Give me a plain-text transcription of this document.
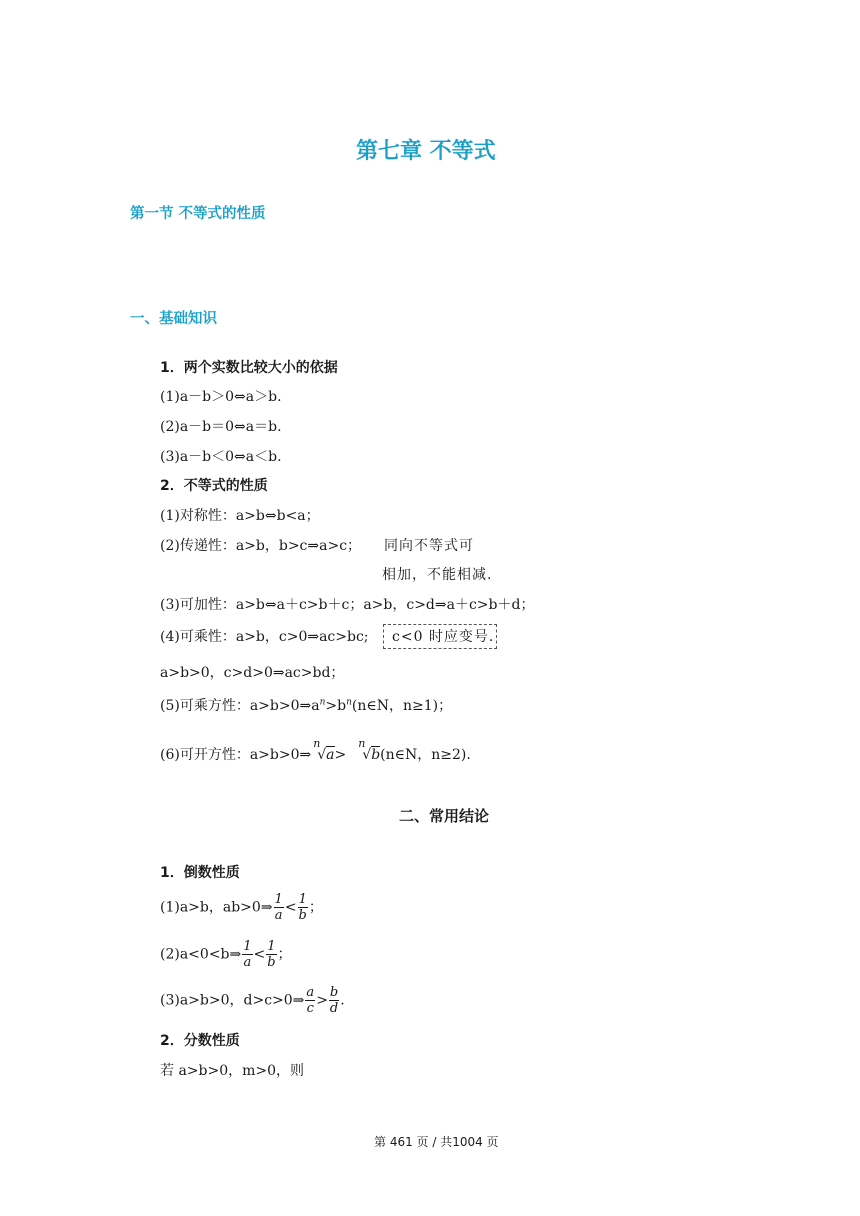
第七章 不等式
第一节 不等式的性质
一、基础知识
1．两个实数比较大小的依据
(1)a－b＞0⇔a＞b.
(2)a－b＝0⇔a＝b.
(3)a－b＜0⇔a＜b.
2．不等式的性质
(1)对称性：a>b⇔b<a；
(2)传递性：a>b，b>c⇒a>c； 同向不等式可
相加，不能相减.
(3)可加性：a>b⇔a＋c>b＋c；a>b，c>d⇒a＋c>b＋d；
(4)可乘性：a>b，c>0⇒ac>bc;	c<0 时应变号.
a>b>0，c>d>0⇒ac>bd；
(5)可乘方性：$a>b>0\Rightarrow a^n>b^n(n\in N$，n≥1)；
(6)可开方性：a>b>0⇒
n
√a>
n
√b(n∈N，n≥2).
二、常用结论
1．倒数性质
(1)a>b，ab>0⇒ $\frac{1}{a} < \frac{1}{b}$ ；
(2)a<0<b⇒ $\frac{1}{a} < \frac{1}{b}$ ；
(3)a>b>0，d>c>0⇒ $\frac{a}{c} > \frac{b}{d}$ .
2．分数性质
若 a>b>0，m>0，则
第 461 页 / 共1004 页
